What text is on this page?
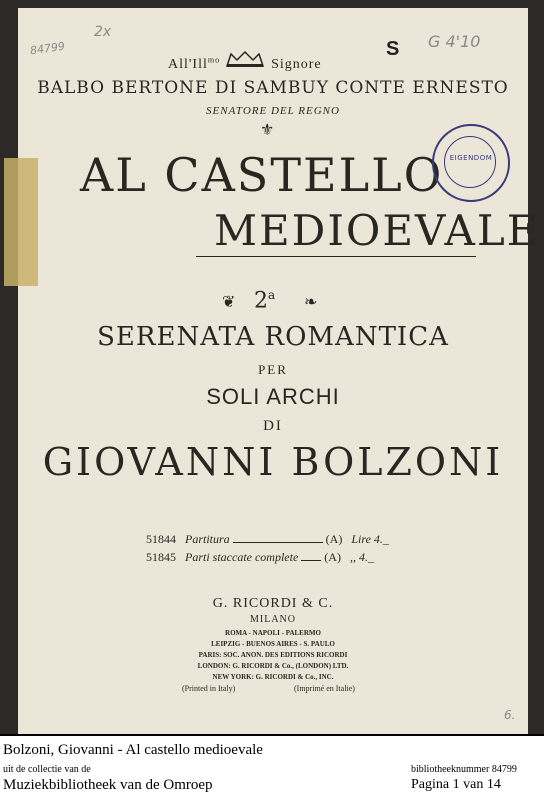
84799
2x
S G 4'10
6.
All'Ill$^{mo}$	Signore
BALBO BERTONE DI SAMBUY CONTE ERNESTO
SENATORE DEL REGNO
⚜
AL CASTELLO
MEDIOEVALE
2$^a$
❦	❧
SERENATA ROMANTICA
PER
SOLI ARCHI
DI
GIOVANNI BOLZONI
51844 Partitura	(A) Lire 4._
51845 Parti staccate complete (A) ,, 4._
G. RICORDI & C.
MILANO
ROMA - NAPOLI - PALERMO
LEIPZIG - BUENOS AIRES - S. PAULO
PARIS: SOC. ANON. DES EDITIONS RICORDI
LONDON: G. RICORDI & Co., (LONDON) LTD.
NEW YORK: G. RICORDI & Co., INC.
(Printed in Italy)	(Imprimé en Italie)
EIGENDOM
Bolzoni, Giovanni - Al castello medioevale
uit de collectie van de
Muziekbibliotheek van de Omroep
bibliotheeknummer 84799
Pagina 1 van 14
